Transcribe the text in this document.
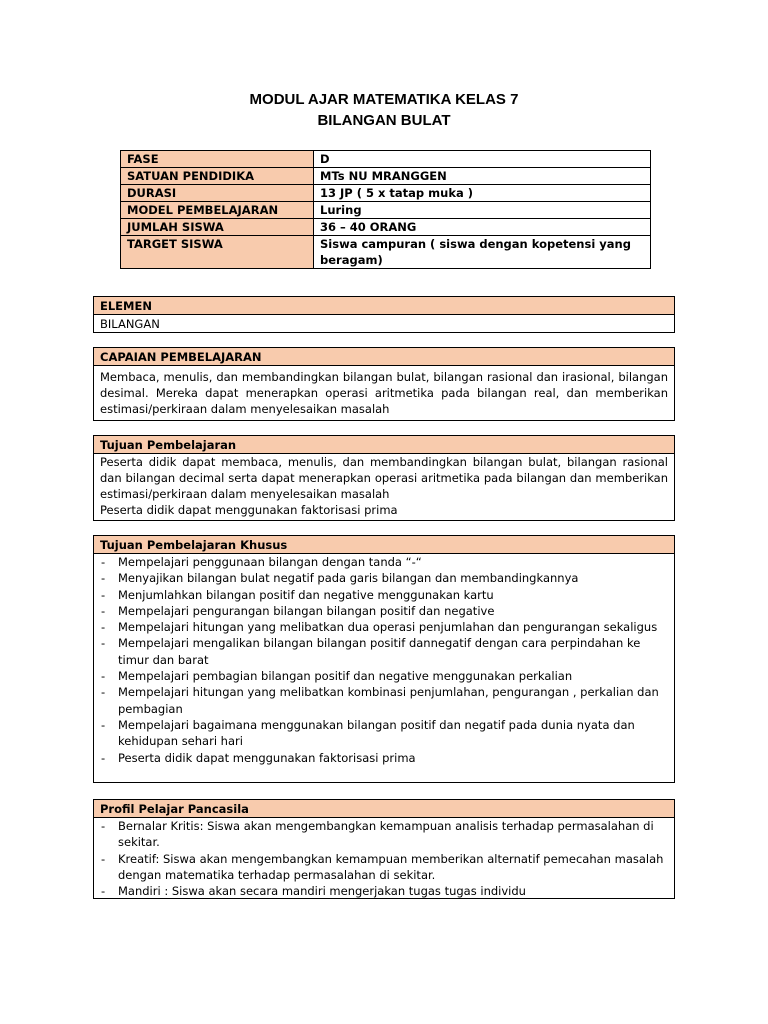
MODUL AJAR MATEMATIKA KELAS 7
BILANGAN BULAT
FASE	D
SATUAN PENDIDIKA	MTs NU MRANGGEN
DURASI	13 JP ( 5 x tatap muka )
MODEL PEMBELAJARAN	Luring
JUMLAH SISWA	36 – 40 ORANG
TARGET SISWA	Siswa campuran ( siswa dengan kopetensi yang beragam)
ELEMEN
BILANGAN
CAPAIAN PEMBELAJARAN

Membaca, menulis, dan membandingkan bilangan bulat, bilangan rasional dan irasional, bilangan desimal. Mereka dapat menerapkan operasi aritmetika pada bilangan real, dan memberikan estimasi/perkiraan dalam menyelesaikan masalah

Tujuan Pembelajaran

Peserta didik dapat membaca, menulis, dan membandingkan bilangan bulat, bilangan rasional dan bilangan decimal serta dapat menerapkan operasi aritmetika pada bilangan dan memberikan estimasi/perkiraan dalam menyelesaikan masalah

Peserta didik dapat menggunakan faktorisasi prima

Tujuan Pembelajaran Khusus
- Mempelajari penggunaan bilangan dengan tanda “-“
- Menyajikan bilangan bulat negatif pada garis bilangan dan membandingkannya
- Menjumlahkan bilangan positif dan negative menggunakan kartu
- Mempelajari pengurangan bilangan bilangan positif dan negative
- Mempelajari hitungan yang melibatkan dua operasi penjumlahan dan pengurangan sekaligus
- Mempelajari mengalikan bilangan bilangan positif dannegatif dengan cara perpindahan ke timur dan barat
- Mempelajari pembagian bilangan positif dan negative menggunakan perkalian
- Mempelajari hitungan yang melibatkan kombinasi penjumlahan, pengurangan , perkalian dan pembagian
- Mempelajari bagaimana menggunakan bilangan positif dan negatif pada dunia nyata dan kehidupan sehari hari
- Peserta didik dapat menggunakan faktorisasi prima
Profil Pelajar Pancasila
- Bernalar Kritis: Siswa akan mengembangkan kemampuan analisis terhadap permasalahan di sekitar.
- Kreatif: Siswa akan mengembangkan kemampuan memberikan alternatif pemecahan masalah dengan matematika terhadap permasalahan di sekitar.
- Mandiri : Siswa akan secara mandiri mengerjakan tugas tugas individu
